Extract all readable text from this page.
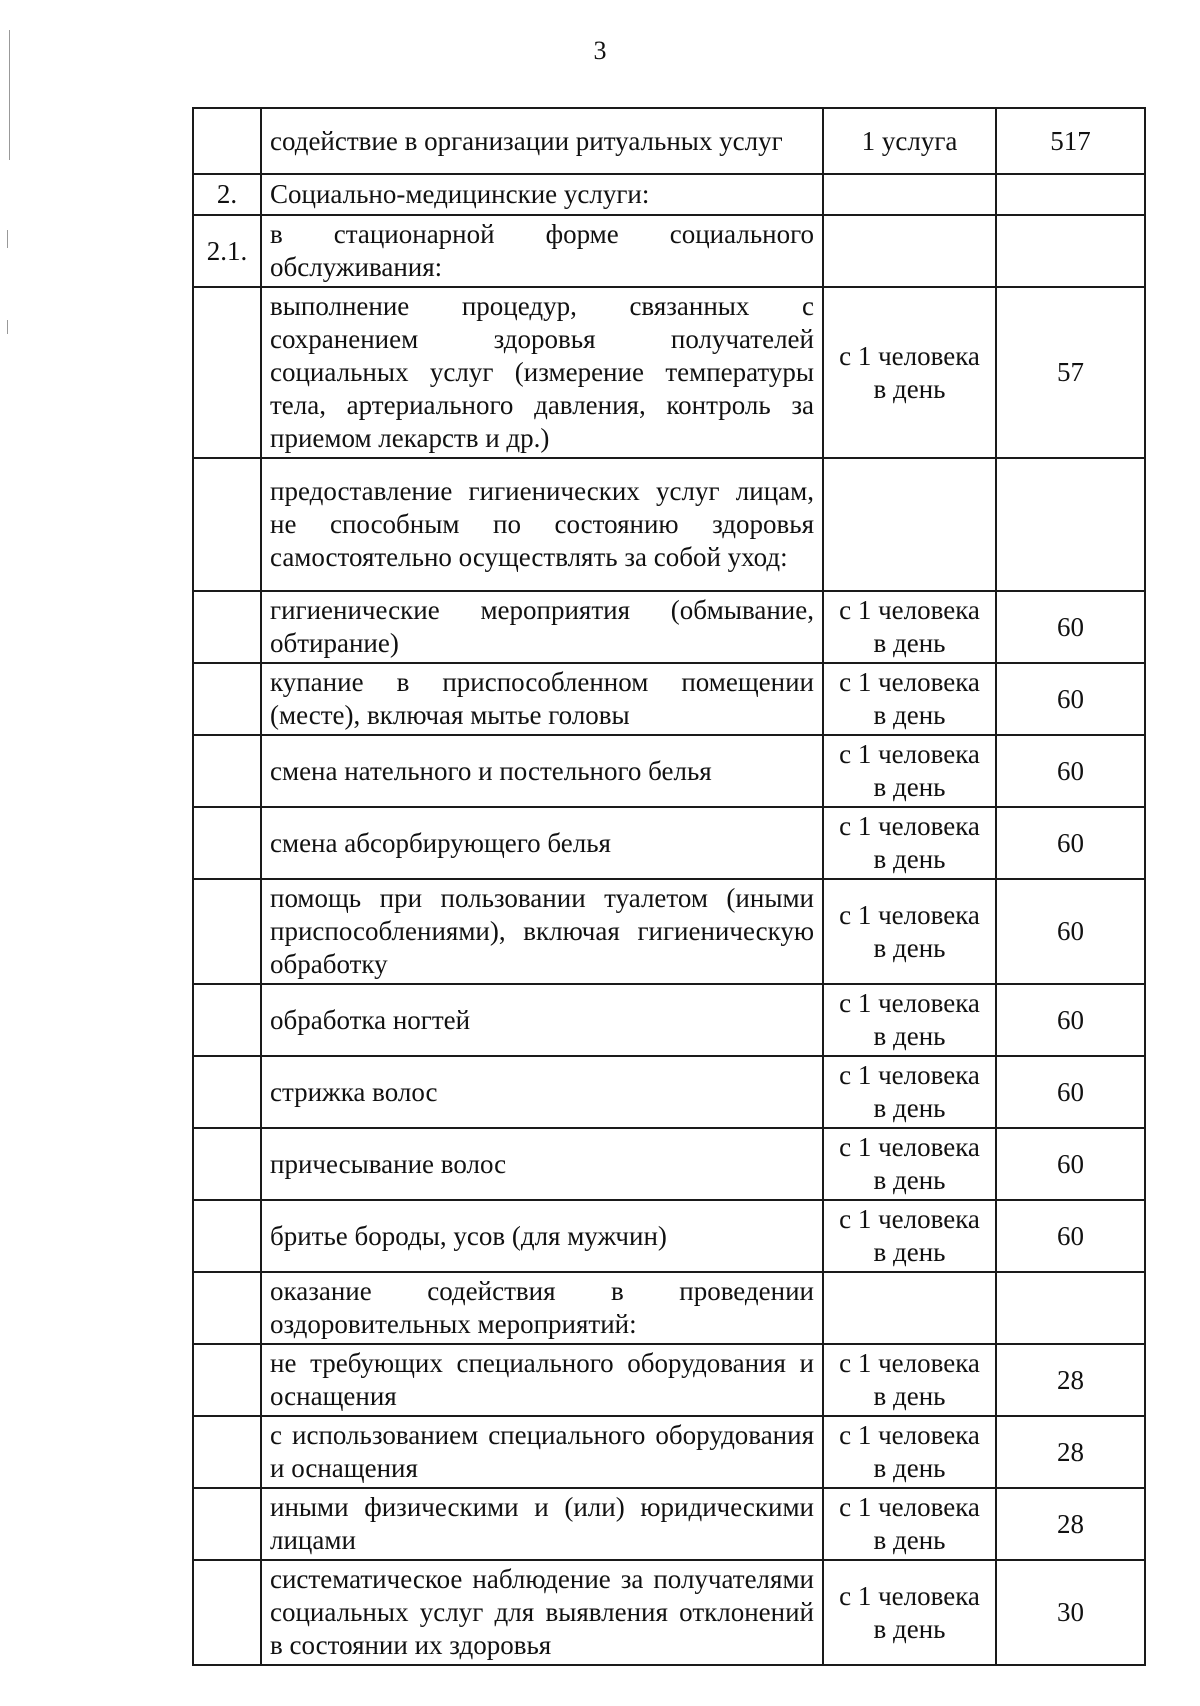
3
	содействие в организации ритуальных услуг	1 услуга	517
2.	Социально-медицинские услуги:		
2.1.	в стационарной форме социального обслуживания:		
	выполнение процедур, связанных с сохранением здоровья получателей социальных услуг (измерение температуры тела, артериального давления, контроль за приемом лекарств и др.)	с 1 человека в день	57
	предоставление гигиенических услуг лицам, не способным по состоянию здоровья самостоятельно осуществлять за собой уход:		
	гигиенические мероприятия (обмывание, обтирание)	с 1 человека в день	60
	купание в приспособленном помещении (месте), включая мытье головы	с 1 человека в день	60
	смена нательного и постельного белья	с 1 человека в день	60
	смена абсорбирующего белья	с 1 человека в день	60
	помощь при пользовании туалетом (иными приспособлениями), включая гигиеническую обработку	с 1 человека в день	60
	обработка ногтей	с 1 человека в день	60
	стрижка волос	с 1 человека в день	60
	причесывание волос	с 1 человека в день	60
	бритье бороды, усов (для мужчин)	с 1 человека в день	60
	оказание содействия в проведении оздоровительных мероприятий:		
	не требующих специального оборудования и оснащения	с 1 человека в день	28
	с использованием специального оборудования и оснащения	с 1 человека в день	28
	иными физическими и (или) юридическими лицами	с 1 человека в день	28
	систематическое наблюдение за получателями социальных услуг для выявления отклонений в состоянии их здоровья	с 1 человека в день	30
